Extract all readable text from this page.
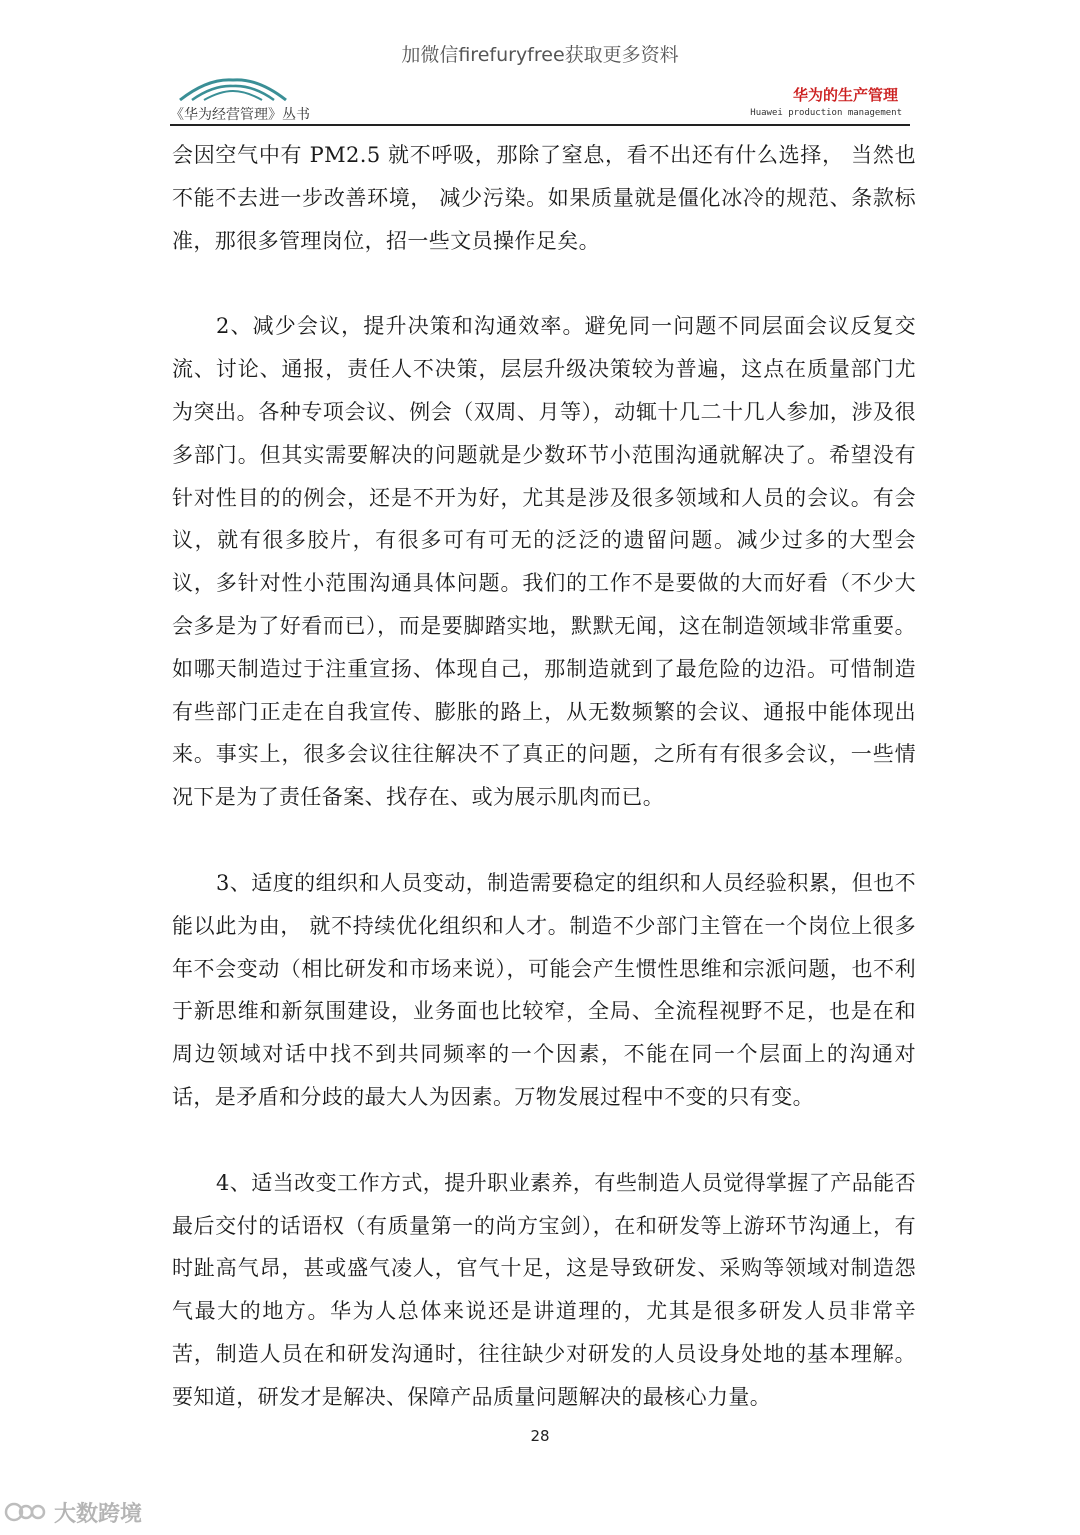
加微信firefuryfree获取更多资料
《华为经营管理》丛书
华为的生产管理
Huawei production management

会因空气中有 PM2.5 就不呼吸，那除了窒息，看不出还有什么选择， 当然也不能不去进一步改善环境， 减少污染。如果质量就是僵化冰冷的规范、条款标准，那很多管理岗位，招一些文员操作足矣。

2、减少会议，提升决策和沟通效率。避免同一问题不同层面会议反复交流、讨论、通报，责任人不决策，层层升级决策较为普遍，这点在质量部门尤为突出。各种专项会议、例会（双周、月等），动辄十几二十几人参加，涉及很多部门。但其实需要解决的问题就是少数环节小范围沟通就解决了。希望没有针对性目的的例会，还是不开为好，尤其是涉及很多领域和人员的会议。有会议，就有很多胶片，有很多可有可无的泛泛的遗留问题。减少过多的大型会议，多针对性小范围沟通具体问题。我们的工作不是要做的大而好看（不少大会多是为了好看而已），而是要脚踏实地，默默无闻，这在制造领域非常重要。如哪天制造过于注重宣扬、体现自己，那制造就到了最危险的边沿。可惜制造有些部门正走在自我宣传、膨胀的路上，从无数频繁的会议、通报中能体现出来。事实上，很多会议往往解决不了真正的问题，之所有有很多会议，一些情况下是为了责任备案、找存在、或为展示肌肉而已。

3、适度的组织和人员变动，制造需要稳定的组织和人员经验积累，但也不能以此为由， 就不持续优化组织和人才。制造不少部门主管在一个岗位上很多年不会变动（相比研发和市场来说），可能会产生惯性思维和宗派问题，也不利于新思维和新氛围建设，业务面也比较窄，全局、全流程视野不足，也是在和周边领域对话中找不到共同频率的一个因素，不能在同一个层面上的沟通对话，是矛盾和分歧的最大人为因素。万物发展过程中不变的只有变。

4、适当改变工作方式，提升职业素养，有些制造人员觉得掌握了产品能否最后交付的话语权（有质量第一的尚方宝剑），在和研发等上游环节沟通上，有时趾高气昂，甚或盛气凌人，官气十足，这是导致研发、采购等领域对制造怨气最大的地方。华为人总体来说还是讲道理的，尤其是很多研发人员非常辛苦，制造人员在和研发沟通时，往往缺少对研发的人员设身处地的基本理解。要知道，研发才是解决、保障产品质量问题解决的最核心力量。

28
大数跨境
